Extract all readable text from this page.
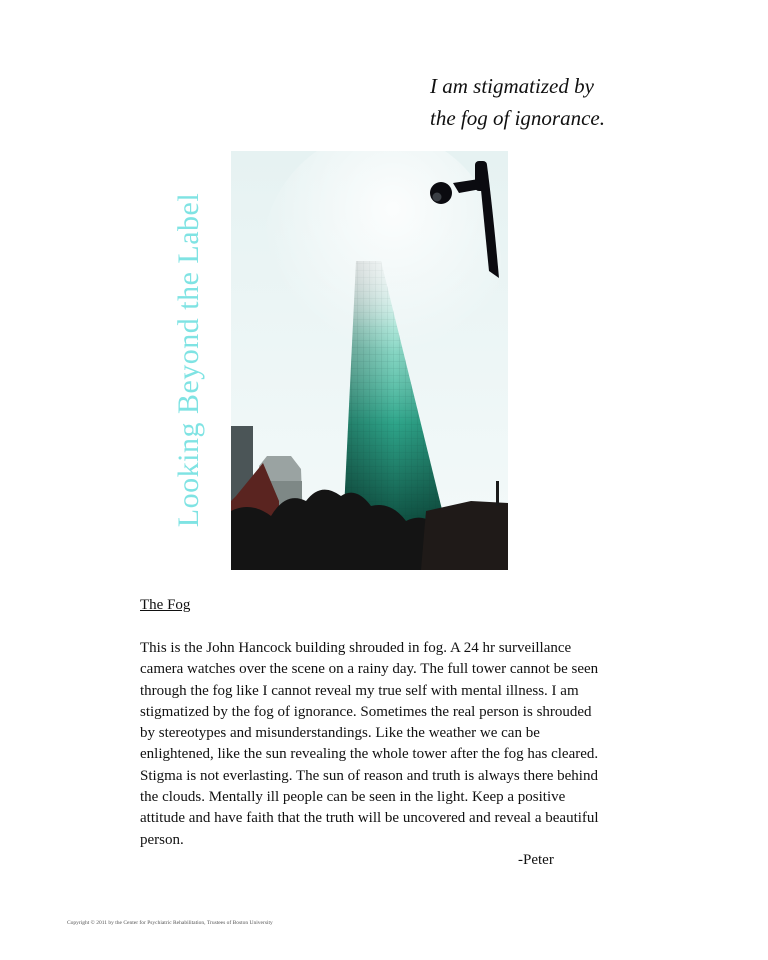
I am stigmatized by
the fog of ignorance.
Looking Beyond the Label
The Fog

This is the John Hancock building shrouded in fog. A 24 hr surveillance

camera watches over the scene on a rainy day. The full tower cannot be seen

through the fog like I cannot reveal my true self with mental illness. I am

stigmatized by the fog of ignorance. Sometimes the real person is shrouded

by stereotypes and misunderstandings. Like the weather we can be

enlightened, like the sun revealing the whole tower after the fog has cleared.

Stigma is not everlasting. The sun of reason and truth is always there behind

the clouds. Mentally ill people can be seen in the light. Keep a positive

attitude and have faith that the truth will be uncovered and reveal a beautiful

person.

-Peter
Copyright © 2011 by the Center for Psychiatric Rehabilitation, Trustees of Boston University
